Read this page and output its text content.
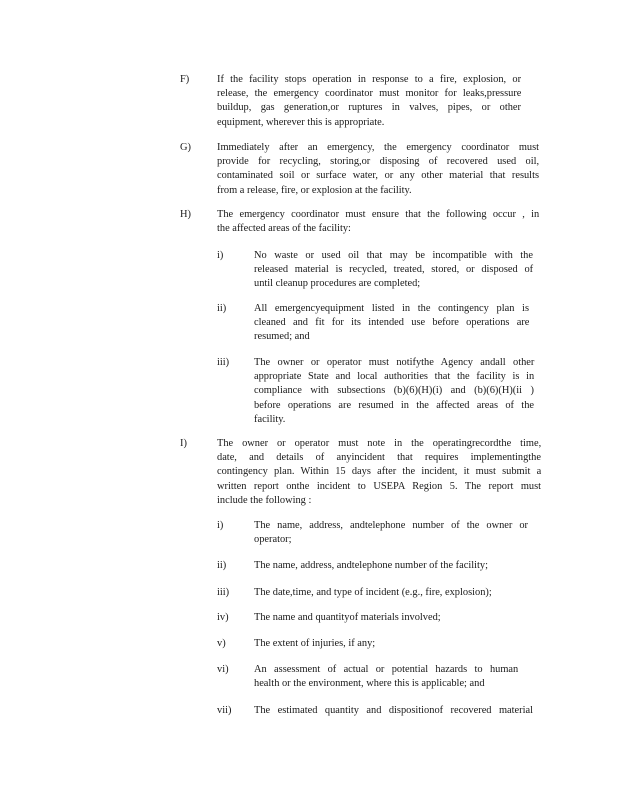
F)	If the facility stops operation in response to a fire, explosion, or
release, the emergency coordinator must monitor for leaks,pressure
buildup, gas generation,or ruptures in valves, pipes, or other
equipment, wherever this is appropriate.
G)	Immediately after an emergency, the emergency coordinator must
provide for recycling, storing,or disposing of recovered used oil,
contaminated soil or surface water, or any other material that results
from a release, fire, or explosion at the facility.
H)	The emergency coordinator must ensure that the following occur , in
the affected areas of the facility:
i)	No waste or used oil that may be incompatible with the
released material is recycled, treated, stored, or disposed of
until cleanup procedures are completed;
ii)	All emergencyequipment listed in the contingency plan is
cleaned and fit for its intended use before operations are
resumed; and
iii) The owner or operator must notifythe Agency andall other
appropriate State and local authorities that the facility is in
compliance with subsections (b)(6)(H)(i) and (b)(6)(H)(ii )
before operations are resumed in the affected areas of the
facility.
I)	The owner or operator must note in the operatingrecordthe time,
date, and details of anyincident that requires implementingthe
contingency plan. Within 15 days after the incident, it must submit a
written report onthe incident to USEPA Region 5. The report must
include the following :
i)	The name, address, andtelephone number of the owner or
operator;
ii)	The name, address, andtelephone number of the facility;
iii) The date,time, and type of incident (e.g., fire, explosion);
iv) The name and quantityof materials involved;
v)	The extent of injuries, if any;
vi) An assessment of actual or potential hazards to human
health or the environment, where this is applicable; and
vii) The estimated quantity and dispositionof recovered material
